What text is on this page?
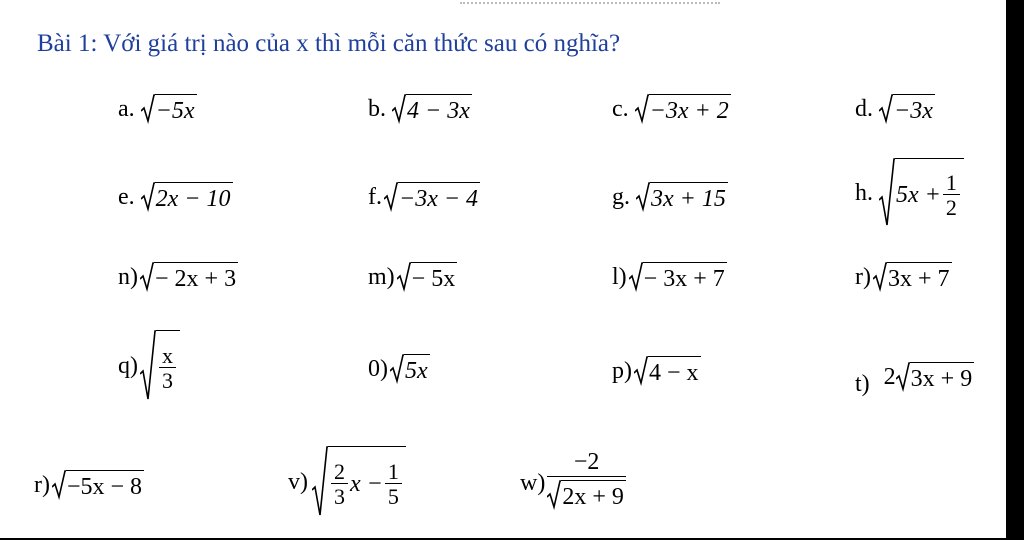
Bài 1: Với giá trị nào của x thì mỗi căn thức sau có nghĩa?
a. −5x	b. 4 − 3x	c. −3x + 2	d. −3x
e. 2x − 10	f. −3x − 4	g. 3x + 15	h. $5x + \frac{1}{2}$
n) − 2x + 3	m) − 5x	l) − 3x + 7	r) 3x + 7
$q) \frac{x}{3}$	0) 5x	p) 4 − x	t) 2 3x + 9
r) −5x − 8	$v) \frac{2}{3}$ $x - \frac{1}{5}$	$w) \frac{-2}{2x + 9}$
